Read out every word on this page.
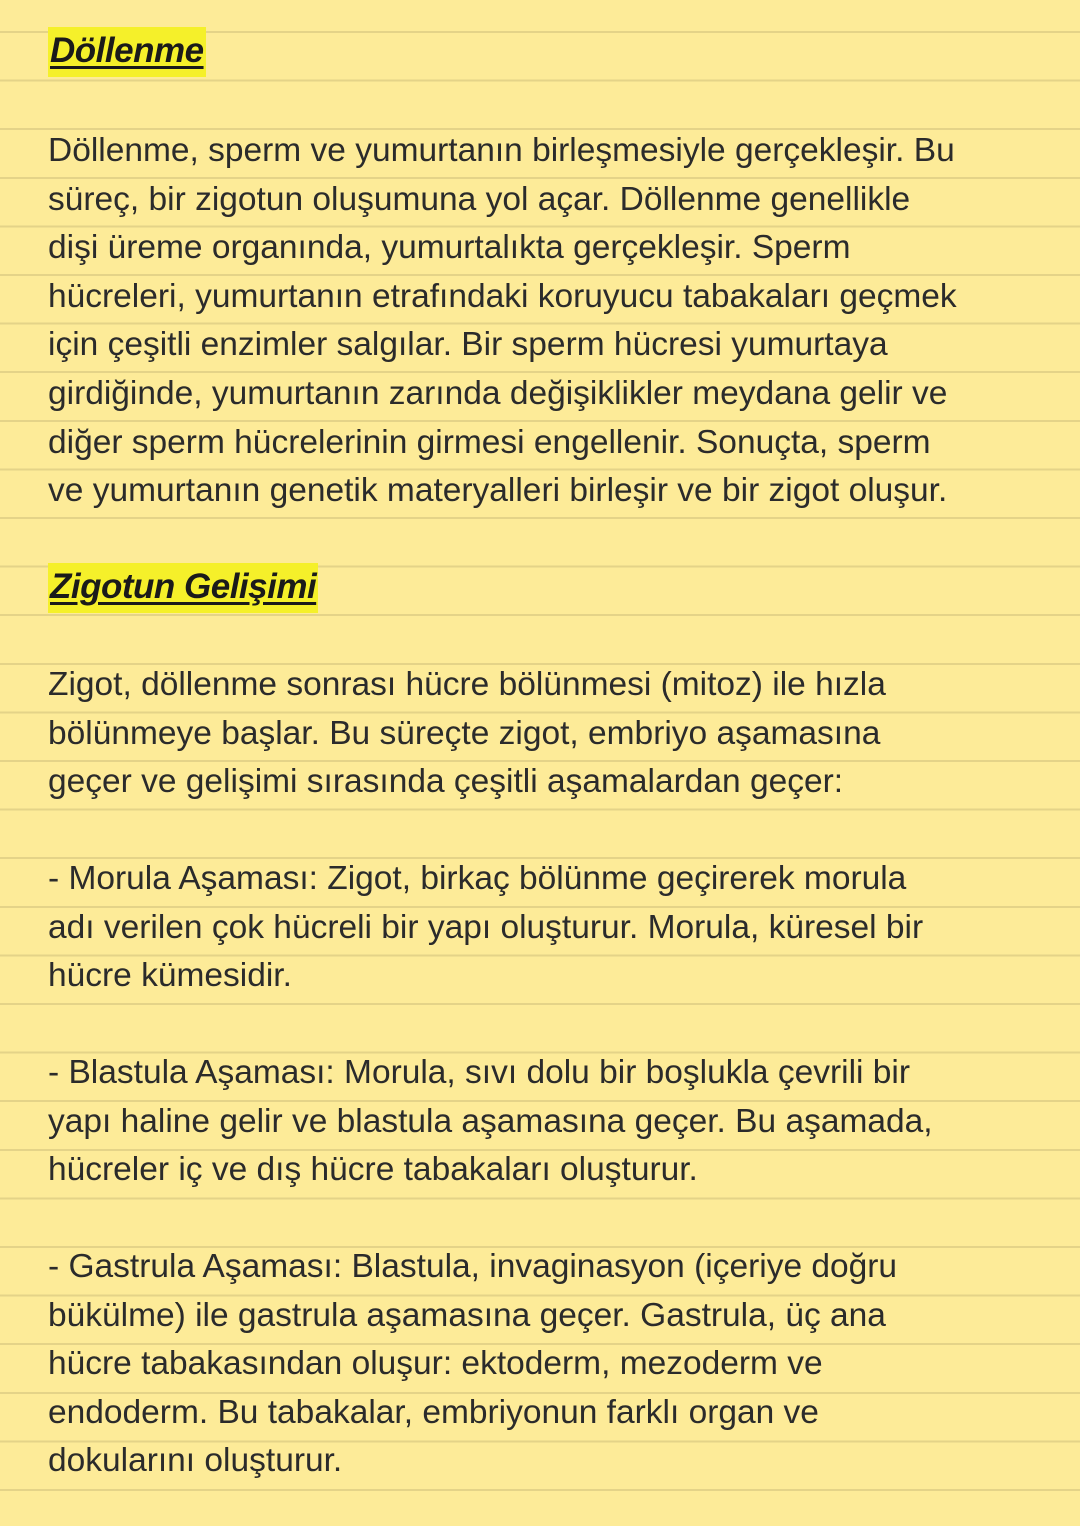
Döllenme

Döllenme, sperm ve yumurtanın birleşmesiyle gerçekleşir. Bu
süreç, bir zigotun oluşumuna yol açar. Döllenme genellikle
dişi üreme organında, yumurtalıkta gerçekleşir. Sperm
hücreleri, yumurtanın etrafındaki koruyucu tabakaları geçmek
için çeşitli enzimler salgılar. Bir sperm hücresi yumurtaya
girdiğinde, yumurtanın zarında değişiklikler meydana gelir ve
diğer sperm hücrelerinin girmesi engellenir. Sonuçta, sperm
ve yumurtanın genetik materyalleri birleşir ve bir zigot oluşur.

Zigotun Gelişimi

Zigot, döllenme sonrası hücre bölünmesi (mitoz) ile hızla
bölünmeye başlar. Bu süreçte zigot, embriyo aşamasına
geçer ve gelişimi sırasında çeşitli aşamalardan geçer:

- Morula Aşaması: Zigot, birkaç bölünme geçirerek morula
adı verilen çok hücreli bir yapı oluşturur. Morula, küresel bir
hücre kümesidir.

- Blastula Aşaması: Morula, sıvı dolu bir boşlukla çevrili bir
yapı haline gelir ve blastula aşamasına geçer. Bu aşamada,
hücreler iç ve dış hücre tabakaları oluşturur.

- Gastrula Aşaması: Blastula, invaginasyon (içeriye doğru
bükülme) ile gastrula aşamasına geçer. Gastrula, üç ana
hücre tabakasından oluşur: ektoderm, mezoderm ve
endoderm. Bu tabakalar, embriyonun farklı organ ve
dokularını oluşturur.
